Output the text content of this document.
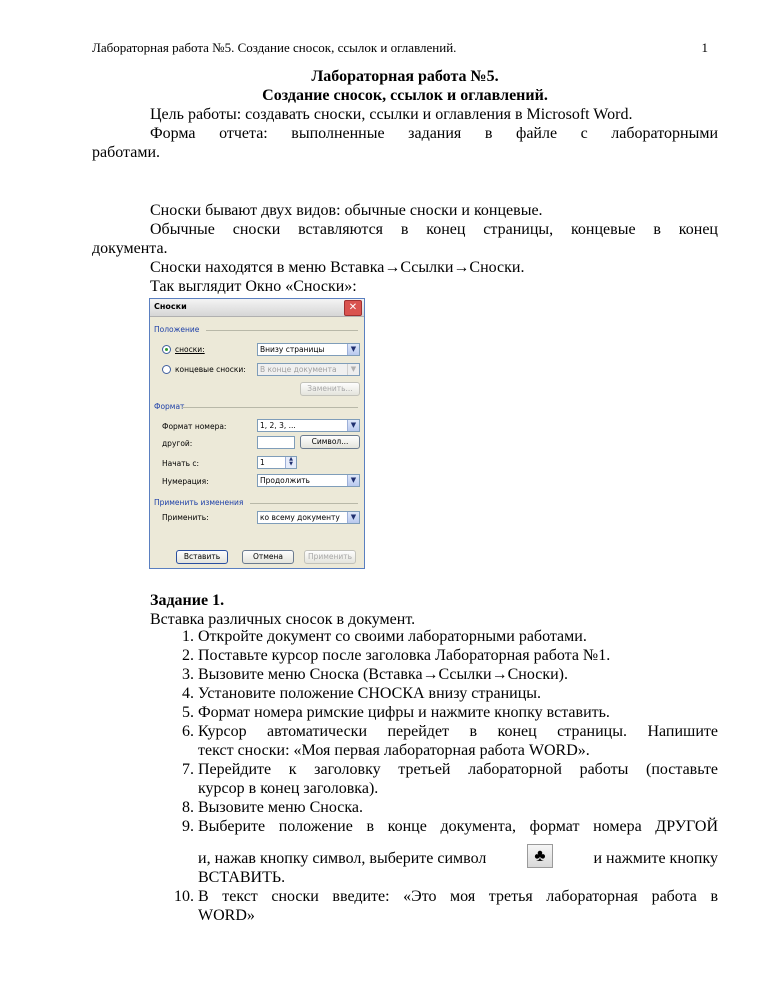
Лабораторная работа №5. Создание сносок, ссылок и оглавлений.	1
Лабораторная работа №5.
Создание сносок, ссылок и оглавлений.
Цель работы: создавать сноски, ссылки и оглавления в Microsoft Word.
Форма отчета: выполненные задания в файле с лабораторными
работами.
Сноски бывают двух видов: обычные сноски и концевые.
Обычные сноски вставляются в конец страницы, концевые в конец
документа.
Сноски находятся в меню Вставка→Ссылки→Сноски.
Так выглядит Окно «Сноски»:
Сноски	✕
Положение
сноски:	Внизу страницы	▼
концевые сноски:	В конце документа	▼
Заменить...
Формат
Формат номера:	1, 2, 3, ...	▼
другой:	Символ...
Начать с:	1	▲
▼
Нумерация:	Продолжить	▼
Применить изменения
Применить:	ко всему документу	▼
Вставить	Отмена	Применить
Задание 1.
Вставка различных сносок в документ.
1. Откройте документ со своими лабораторными работами.
2. Поставьте курсор после заголовка Лабораторная работа №1.
3. Вызовите меню Сноска (Вставка→Ссылки→Сноски).
4. Установите положение СНОСКА внизу страницы.
5. Формат номера римские цифры и нажмите кнопку вставить.
6. Курсор автоматически перейдет в конец страницы. Напишите
текст сноски: «Моя первая лабораторная работа WORD».
7. Перейдите к заголовку третьей лабораторной работы (поставьте
курсор в конец заголовка).
8. Вызовите меню Сноска.
9. Выберите положение в конце документа, формат номера ДРУГОЙ
и, нажав кнопку символ, выберите символ	♣	и нажмите кнопку
ВСТАВИТЬ.
10. В текст сноски введите: «Это моя третья лабораторная работа в
WORD»
